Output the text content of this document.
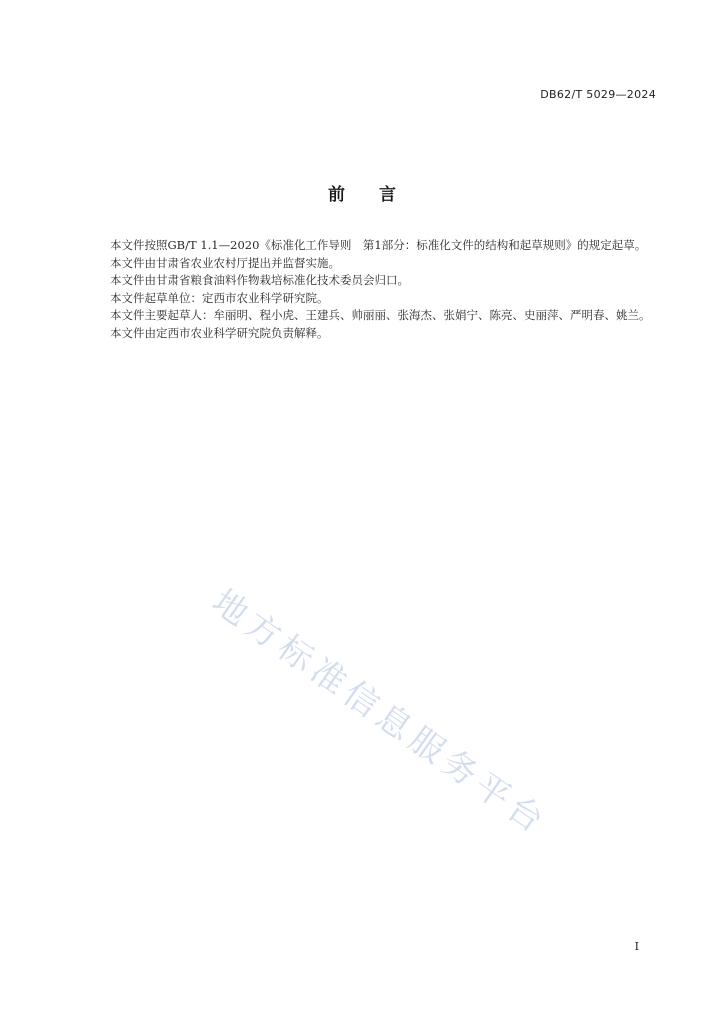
DB62/T 5029—2024
前　　言

本文件按照GB/T 1.1—2020《标准化工作导则　第1部分：标准化文件的结构和起草规则》的规定起草。

本文件由甘肃省农业农村厅提出并监督实施。

本文件由甘肃省粮食油料作物栽培标准化技术委员会归口。

本文件起草单位：定西市农业科学研究院。

本文件主要起草人：牟丽明、程小虎、王建兵、帅丽丽、张海杰、张娟宁、陈亮、史丽萍、严明春、姚兰。

本文件由定西市农业科学研究院负责解释。

地方标准信息服务平台
I
